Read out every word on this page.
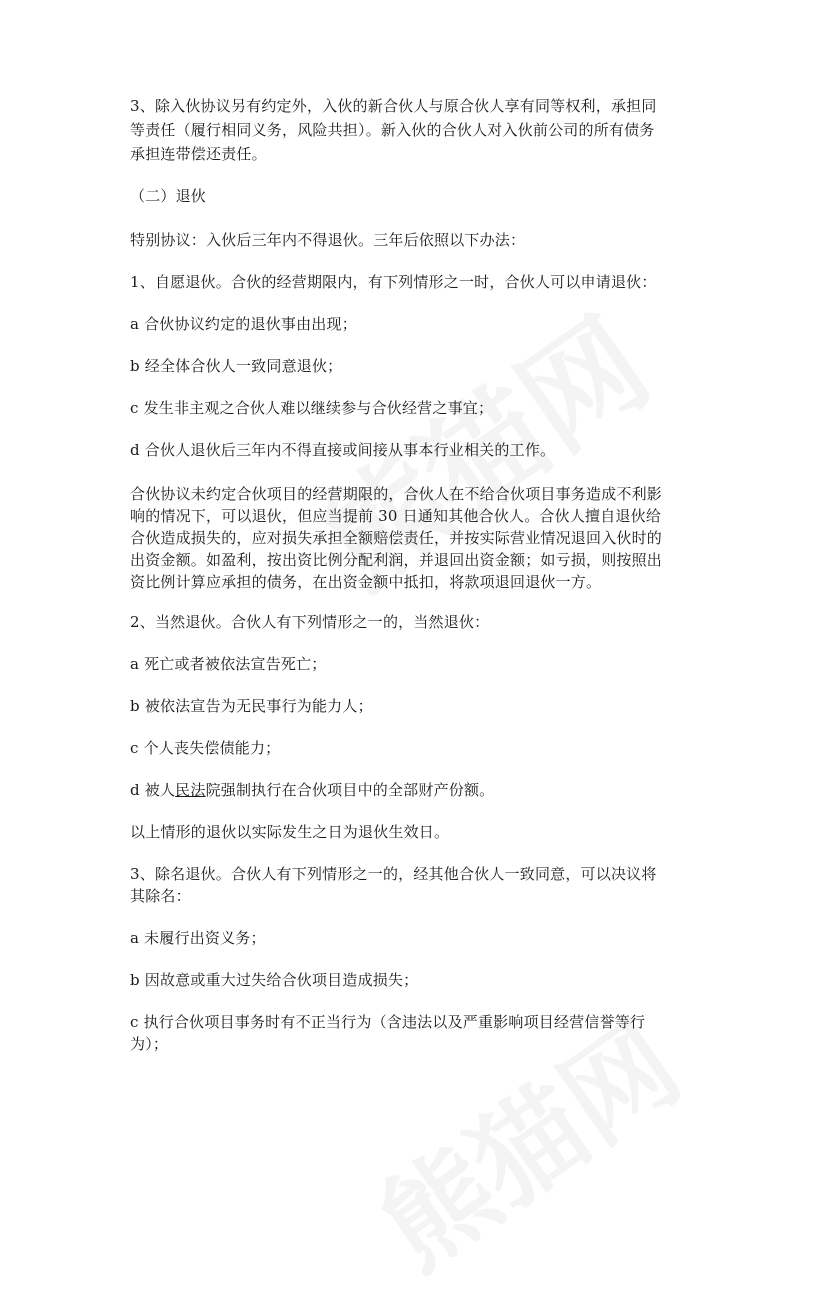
3、除入伙协议另有约定外，入伙的新合伙人与原合伙人享有同等权利，承担同
等责任（履行相同义务，风险共担）。新入伙的合伙人对入伙前公司的所有债务
承担连带偿还责任。
（二）退伙
特别协议：入伙后三年内不得退伙。三年后依照以下办法：
1、自愿退伙。合伙的经营期限内，有下列情形之一时，合伙人可以申请退伙：
a 合伙协议约定的退伙事由出现；
b 经全体合伙人一致同意退伙；
c 发生非主观之合伙人难以继续参与合伙经营之事宜；
d 合伙人退伙后三年内不得直接或间接从事本行业相关的工作。
合伙协议未约定合伙项目的经营期限的，合伙人在不给合伙项目事务造成不利影
响的情况下，可以退伙，但应当提前 30 日通知其他合伙人。合伙人擅自退伙给
合伙造成损失的，应对损失承担全额赔偿责任，并按实际营业情况退回入伙时的
出资金额。如盈利，按出资比例分配利润，并退回出资金额；如亏损，则按照出
资比例计算应承担的债务，在出资金额中抵扣，将款项退回退伙一方。
2、当然退伙。合伙人有下列情形之一的，当然退伙：
a 死亡或者被依法宣告死亡；
b 被依法宣告为无民事行为能力人；
c 个人丧失偿债能力；
d 被人民法院强制执行在合伙项目中的全部财产份额。
以上情形的退伙以实际发生之日为退伙生效日。
3、除名退伙。合伙人有下列情形之一的，经其他合伙人一致同意，可以决议将
其除名：
a 未履行出资义务；
b 因故意或重大过失给合伙项目造成损失；
c 执行合伙项目事务时有不正当行为（含违法以及严重影响项目经营信誉等行
为）；
